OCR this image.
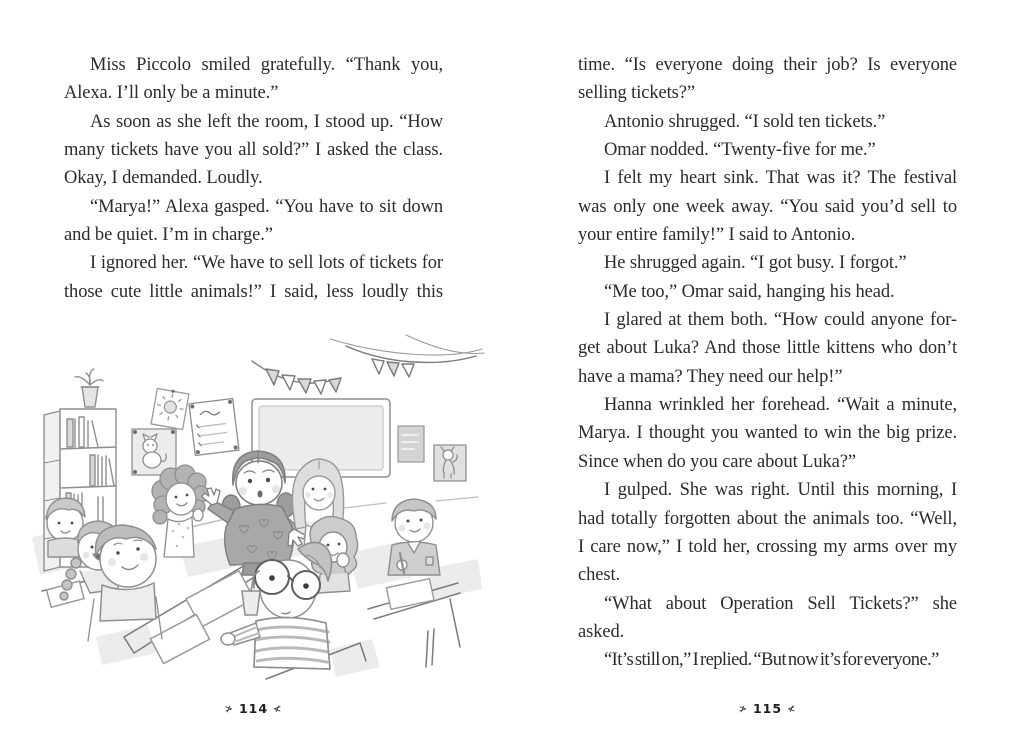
Miss Piccolo smiled gratefully. “Thank you,
Alexa. I’ll only be a minute.”
As soon as she left the room, I stood up. “How
many tickets have you all sold?” I asked the class.
Okay, I demanded. Loudly.
“Marya!” Alexa gasped. “You have to sit down
and be quiet. I’m in charge.”
I ignored her. “We have to sell lots of tickets for
those cute little animals!” I said, less loudly this
time. “Is everyone doing their job? Is everyone
selling tickets?”
Antonio shrugged. “I sold ten tickets.”
Omar nodded. “Twenty-five for me.”
I felt my heart sink. That was it? The festival
was only one week away. “You said you’d sell to
your entire family!” I said to Antonio.
He shrugged again. “I got busy. I forgot.”
“Me too,” Omar said, hanging his head.
I glared at them both. “How could anyone for-
get about Luka? And those little kittens who don’t
have a mama? They need our help!”
Hanna wrinkled her forehead. “Wait a minute,
Marya. I thought you wanted to win the big prize.
Since when do you care about Luka?”
I gulped. She was right. Until this morning, I
had totally forgotten about the animals too. “Well,
I care now,” I told her, crossing my arms over my
chest.
“What about Operation Sell Tickets?” she
asked.
“It’s still on,” I replied. “But now it’s for everyone.”
≯ 114 ≮	≯ 115 ≮
